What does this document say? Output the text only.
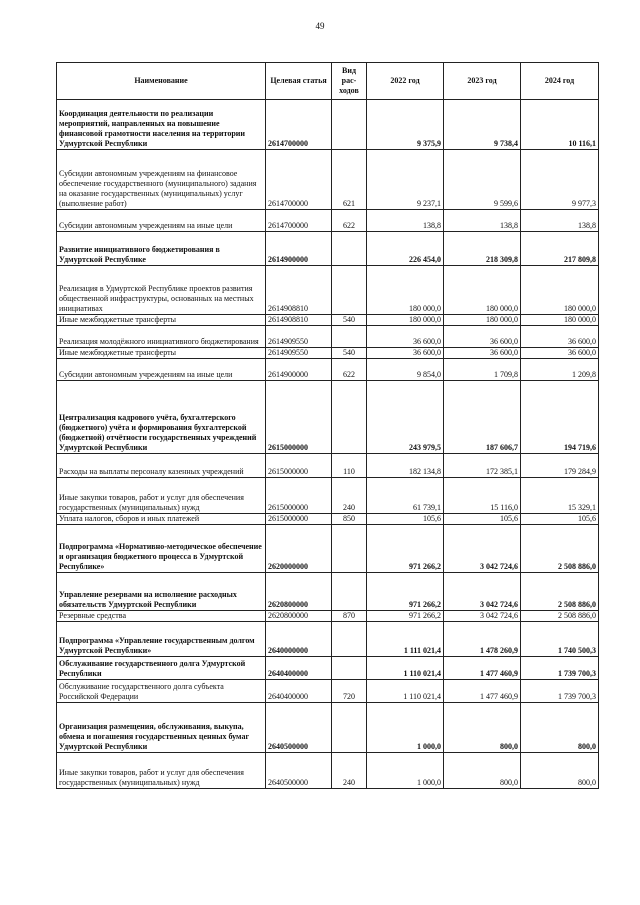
49
Наименование	Целевая статья	Вид рас-ходов	2022 год	2023 год	2024 год
Координация деятельности по реализации мероприятий, направленных на повышение финансовой грамотности населения на территории Удмуртской Республики	2614700000		9 375,9	9 738,4	10 116,1
Субсидии автономным учреждениям на финансовое обеспечение государственного (муниципального) задания на оказание государственных (муниципальных) услуг (выполнение работ)	2614700000	621	9 237,1	9 599,6	9 977,3
Субсидии автономным учреждениям на иные цели	2614700000	622	138,8	138,8	138,8
Развитие инициативного бюджетирования в Удмуртской Республике	2614900000		226 454,0	218 309,8	217 809,8
Реализация в Удмуртской Республике проектов развития общественной инфраструктуры, основанных на местных инициативах	2614908810		180 000,0	180 000,0	180 000,0
Иные межбюджетные трансферты	2614908810	540	180 000,0	180 000,0	180 000,0
Реализация молодёжного инициативного бюджетирования	2614909550		36 600,0	36 600,0	36 600,0
Иные межбюджетные трансферты	2614909550	540	36 600,0	36 600,0	36 600,0
Субсидии автономным учреждениям на иные цели	2614900000	622	9 854,0	1 709,8	1 209,8
Централизация кадрового учёта, бухгалтерского (бюджетного) учёта и формирования бухгалтерской (бюджетной) отчётности государственных учреждений Удмуртской Республики	2615000000		243 979,5	187 606,7	194 719,6
Расходы на выплаты персоналу казенных учреждений	2615000000	110	182 134,8	172 385,1	179 284,9
Иные закупки товаров, работ и услуг для обеспечения государственных (муниципальных) нужд	2615000000	240	61 739,1	15 116,0	15 329,1
Уплата налогов, сборов и иных платежей	2615000000	850	105,6	105,6	105,6
Подпрограмма «Нормативно-методическое обеспечение и организация бюджетного процесса в Удмуртской Республике»	2620000000		971 266,2	3 042 724,6	2 508 886,0
Управление резервами на исполнение расходных обязательств Удмуртской Республики	2620800000		971 266,2	3 042 724,6	2 508 886,0
Резервные средства	2620800000	870	971 266,2	3 042 724,6	2 508 886,0
Подпрограмма «Управление государственным долгом Удмуртской Республики»	2640000000		1 111 021,4	1 478 260,9	1 740 500,3
Обслуживание государственного долга Удмуртской Республики	2640400000		1 110 021,4	1 477 460,9	1 739 700,3
Обслуживание государственного долга субъекта Российской Федерации	2640400000	720	1 110 021,4	1 477 460,9	1 739 700,3
Организация размещения, обслуживания, выкупа, обмена и погашения государственных ценных бумаг Удмуртской Республики	2640500000		1 000,0	800,0	800,0
Иные закупки товаров, работ и услуг для обеспечения государственных (муниципальных) нужд	2640500000	240	1 000,0	800,0	800,0
